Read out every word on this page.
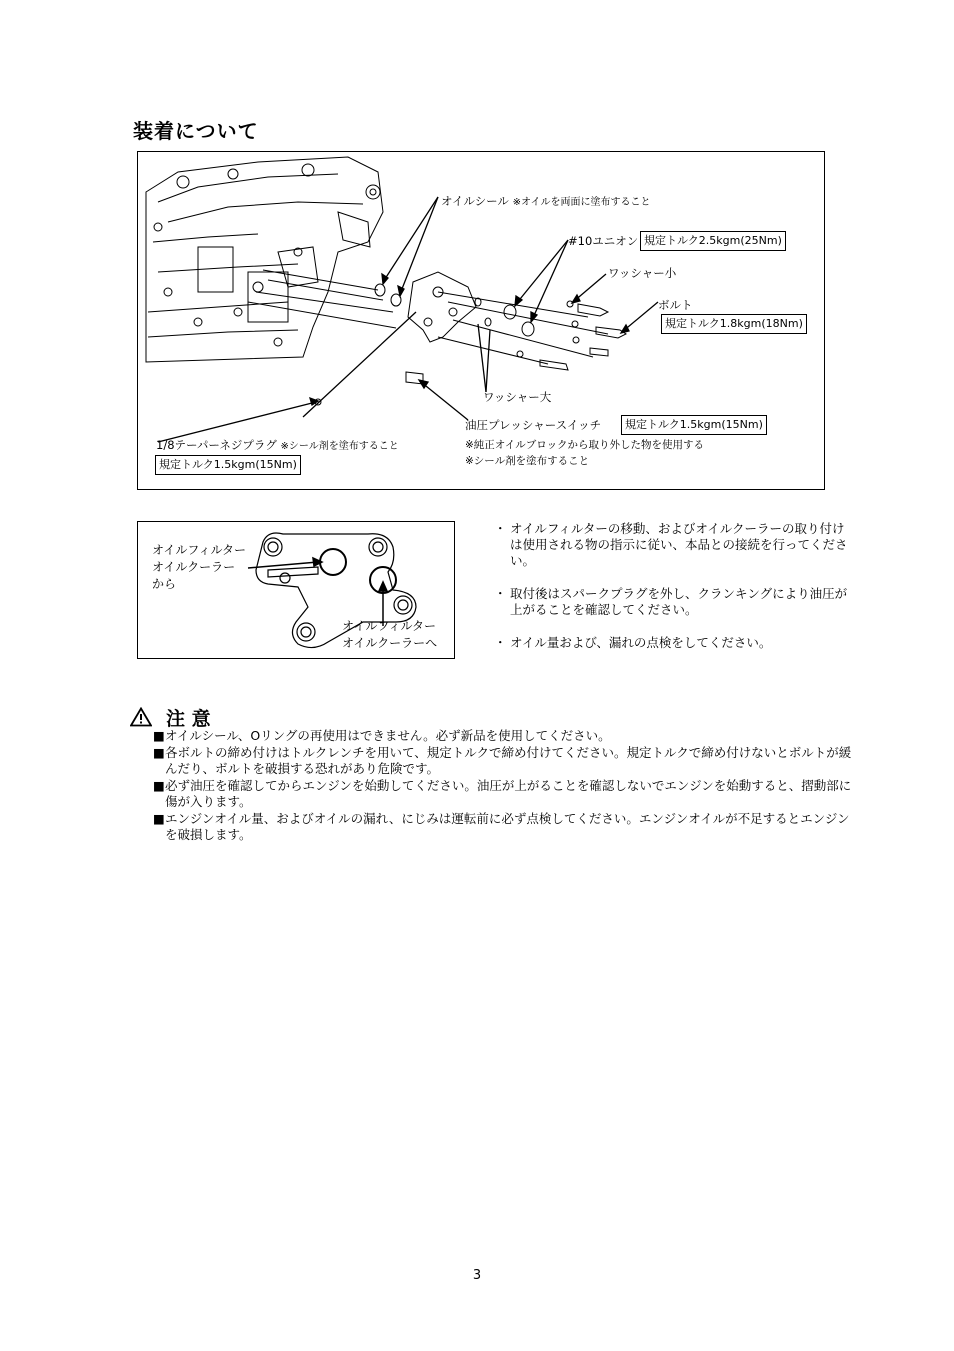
装着について
オイルシール ※オイルを両面に塗布すること
#10ユニオン 規定トルク2.5kgm(25Nm)
ワッシャー小
ボルト
規定トルク1.8kgm(18Nm)
ワッシャー大
油圧プレッシャースイッチ	規定トルク1.5kgm(15Nm)
※純正オイルブロックから取り外した物を使用する
※シール剤を塗布すること
1/8テーパーネジプラグ ※シール剤を塗布すること
規定トルク1.5kgm(15Nm)
オイルフィルター
オイルクーラー
から
オイルフィルター
オイルクーラーへ
・ オイルフィルターの移動、およびオイルクーラーの取り付けは使用される物の指示に従い、本品との接続を行ってください。
・ 取付後はスパークプラグを外し、クランキングにより油圧が上がることを確認してください。
・ オイル量および、漏れの点検をしてください。
注 意
■ オイルシール、Oリングの再使用はできません。必ず新品を使用してください。
■ 各ボルトの締め付けはトルクレンチを用いて、規定トルクで締め付けてください。規定トルクで締め付けないとボルトが緩んだり、ボルトを破損する恐れがあり危険です。
■ 必ず油圧を確認してからエンジンを始動してください。油圧が上がることを確認しないでエンジンを始動すると、摺動部に傷が入ります。
■ エンジンオイル量、およびオイルの漏れ、にじみは運転前に必ず点検してください。エンジンオイルが不足するとエンジンを破損します。
3
